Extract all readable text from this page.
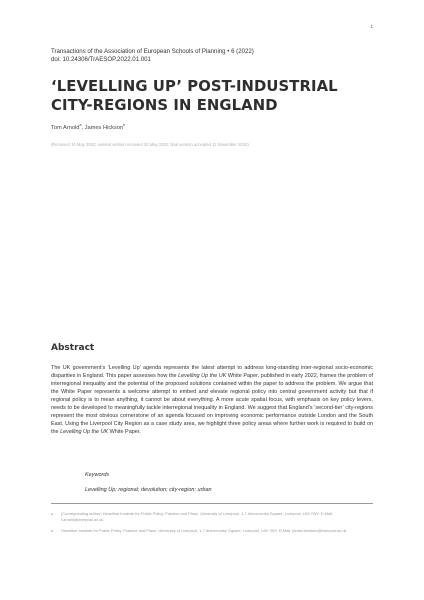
1
Transactions of the Association of European Schools of Planning • 6 (2022)
doi: 10.24306/TrAESOP.2022.01.001
‘LEVELLING UP’ POST-INDUSTRIAL
CITY-REGIONS IN ENGLAND
Tom Arnold$^a$, James Hickson$^b$
(Received 16 May 2022; revised version received 25 May 2022; final version accepted 11 November 2022)
Abstract

The UK government’s ‘Levelling Up’ agenda represents the latest attempt to address long-standing inter-regional socio-economic disparities in England. This paper assesses how the Levelling Up the UK White Paper, published in early 2022, frames the problem of interregional inequality and the potential of the proposed solutions contained within the paper to address the problem. We argue that the White Paper represents a welcome attempt to embed and elevate regional policy into central government activity but that if regional policy is to mean anything, it cannot be about everything. A more acute spatial focus, with emphasis on key policy levers, needs to be developed to meaningfully tackle interregional inequality in England. We suggest that England’s ‘second-tier’ city-regions represent the most obvious cornerstone of an agenda focused on improving economic performance outside London and the South East. Using the Liverpool City Region as a case study area, we highlight three policy areas where further work is required to build on the Levelling Up the UK White Paper.

Keywords
Levelling Up; regional; devolution; city-region; urban
a (Corresponding author) Heseltine Institute for Public Policy, Practice and Place, University of Liverpool, 1-7 Abercromby Square, Liverpool, L69 7WY. E-Mail: t.arnold@liverpool.ac.uk
b Heseltine Institute for Public Policy, Practice and Place, University of Liverpool, 1-7 Abercromby Square, Liverpool, L69 7WY. E-Mail: james.hickson@liverpool.ac.uk
